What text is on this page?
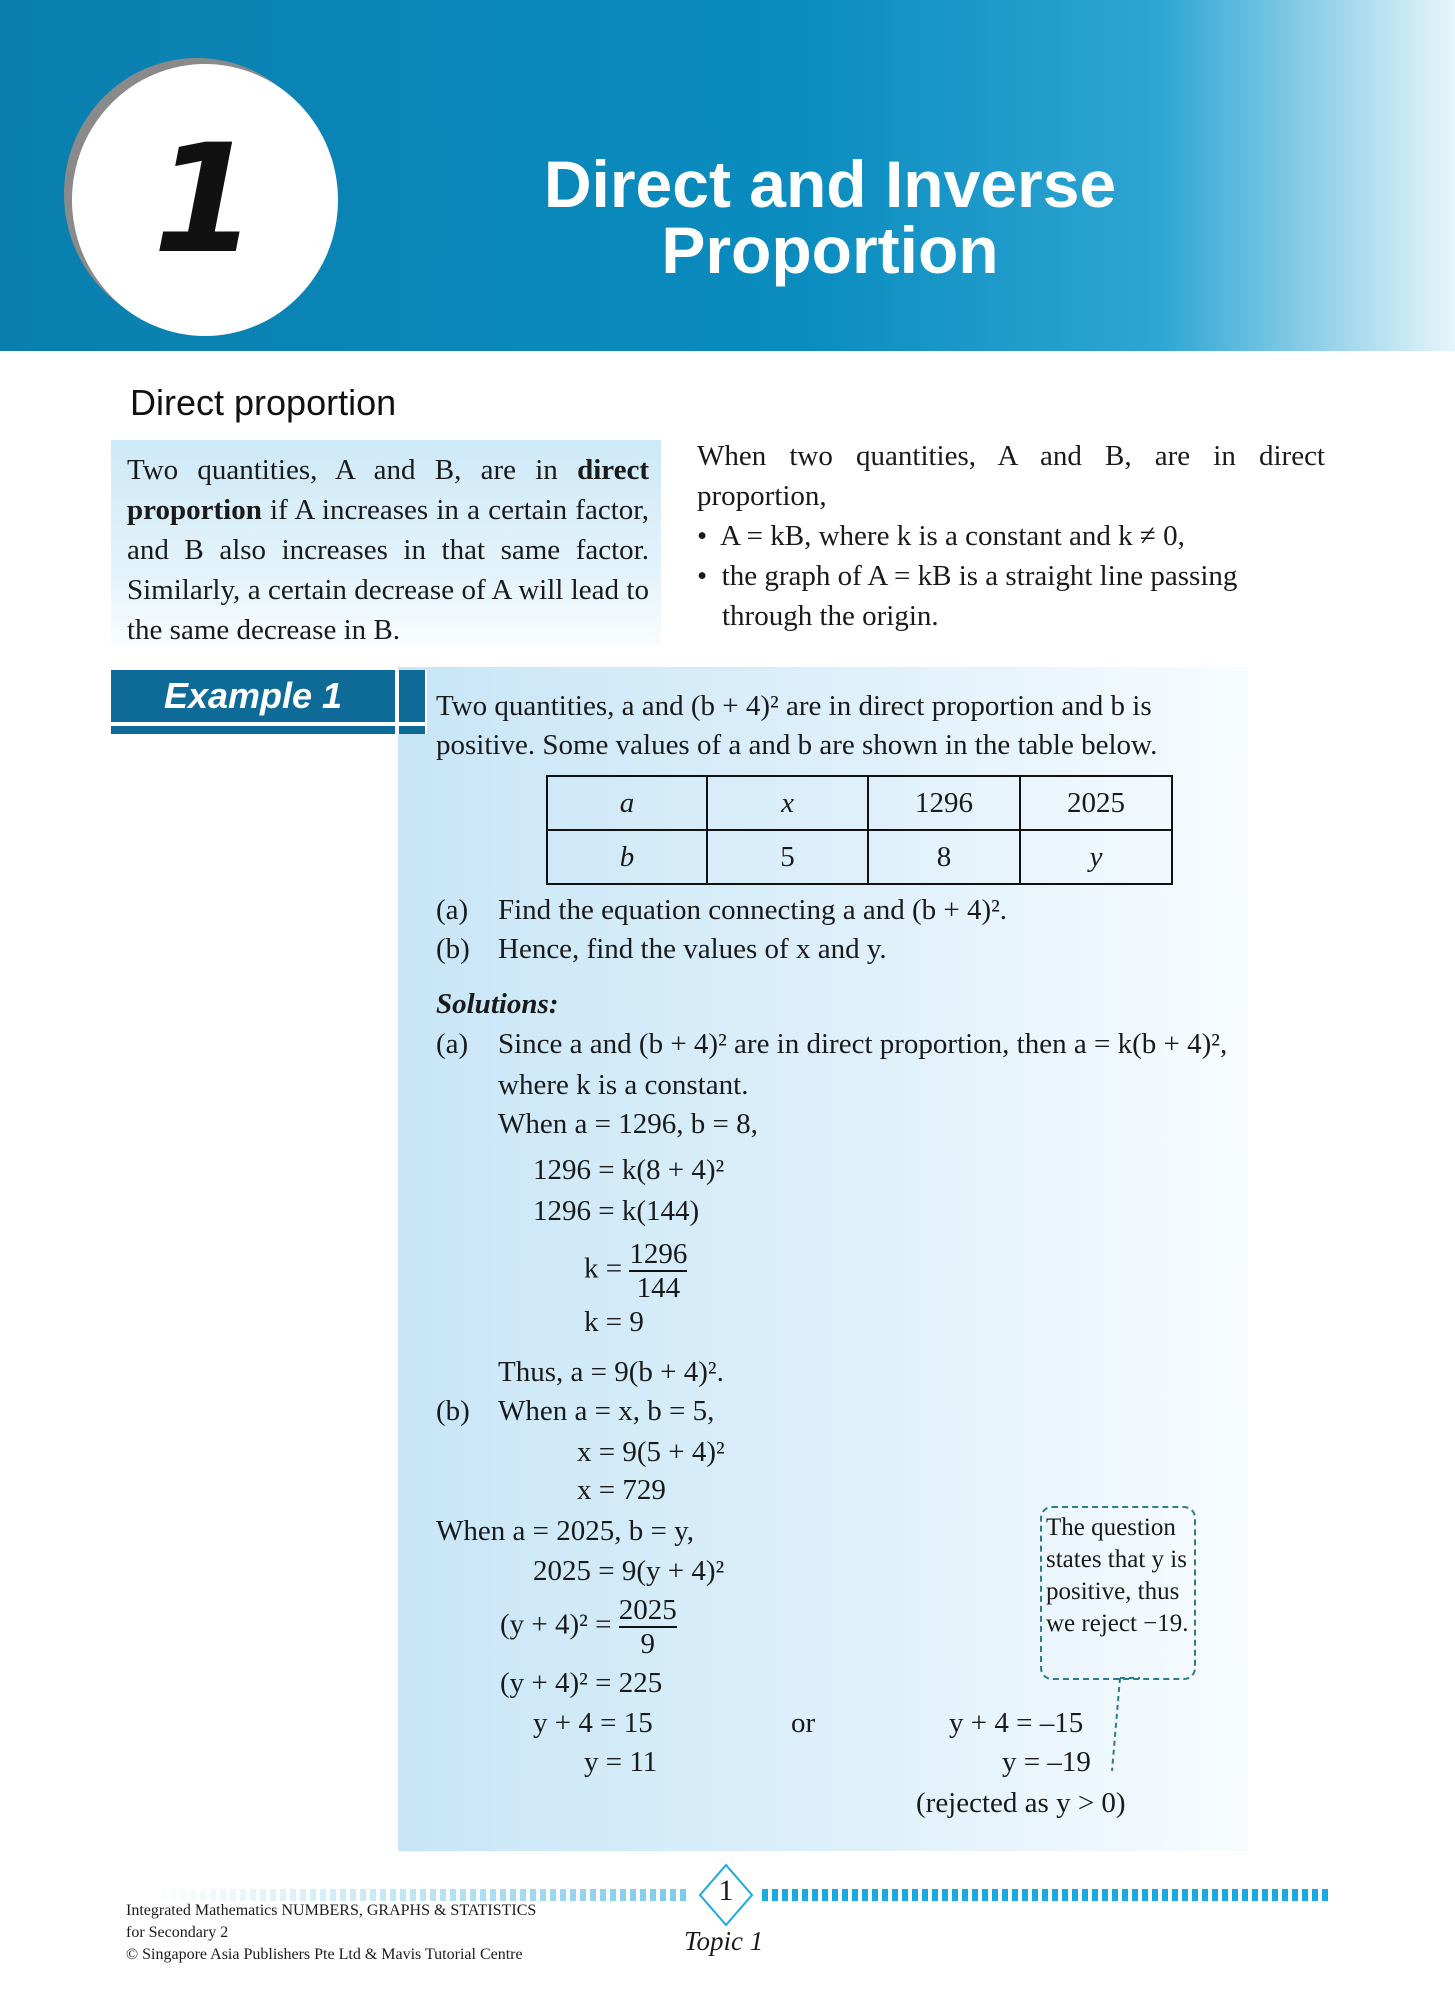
1	Direct and Inverse
Proportion
Direct proportion
Two quantities, A and B, are in direct proportion if A increases in a certain factor, and B also increases in that same factor. Similarly, a certain decrease of A will lead to the same decrease in B.
When two quantities, A and B, are in direct proportion,
•  A = kB, where k is a constant and k ≠ 0,
•  the graph of A = kB is a straight line passing through the origin.
Example 1	Two quantities, a and (b + 4)² are in direct proportion and b is
positive. Some values of a and b are shown in the table below.
a	x	1296	2025
b	5	8	y
(a) Find the equation connecting a and (b + 4)².
(b) Hence, find the values of x and y.
Solutions:
(a) Since a and (b + 4)² are in direct proportion, then a = k(b + 4)²,
where k is a constant.
When a = 1296, b = 8,
1296 = k(8 + 4)²
1296 = k(144)
$k = \frac{1296}{144}$
k = 9
Thus, a = 9(b + 4)².
(b) When a = x, b = 5,
x = 9(5 + 4)²
x = 729
When a = 2025, b = y,
2025 = 9(y + 4)²
$(y + 4)^2 = \frac{2025}{9}$
(y + 4)² = 225
y + 4 = 15	or	y + 4 = –15
y = 11	y = –19
(rejected as y > 0)
The question states that y is positive, thus we reject −19.
1
Topic 1
Integrated Mathematics NUMBERS, GRAPHS & STATISTICS
for Secondary 2
© Singapore Asia Publishers Pte Ltd & Mavis Tutorial Centre
